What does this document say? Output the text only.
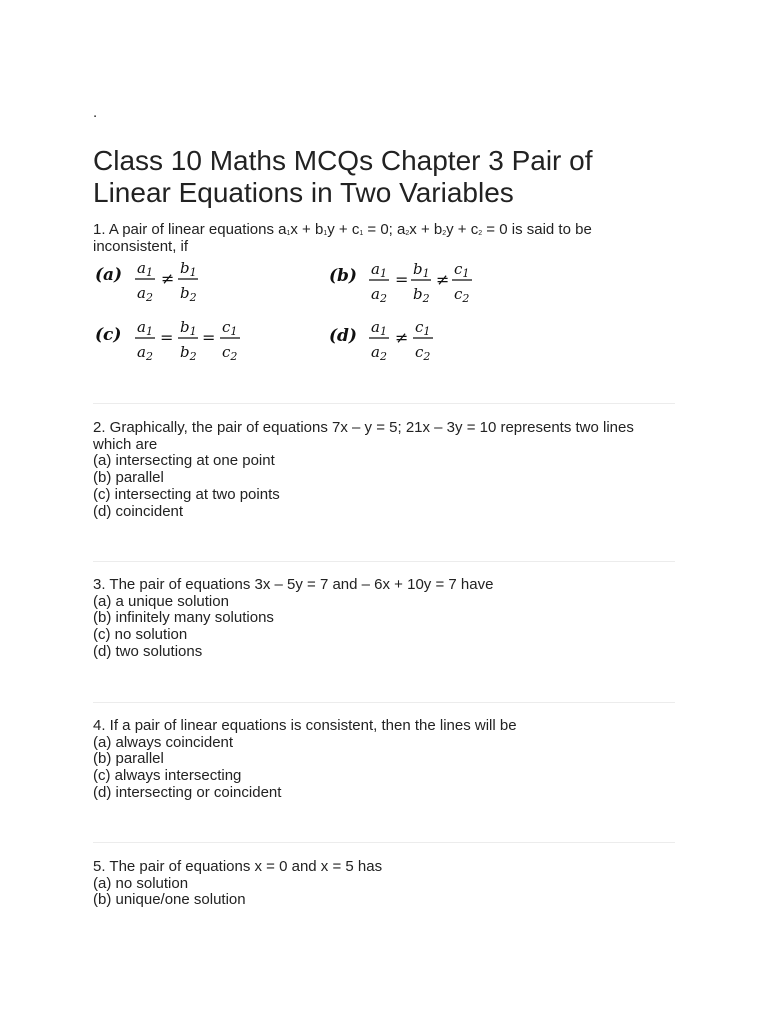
.
Class 10 Maths MCQs Chapter 3 Pair of Linear Equations in Two Variables

1. A pair of linear equations a1x + b1y + c1 = 0; a2x + b2y + c2 = 0 is said to be inconsistent, if

(a) $a_1$
$a_2$
≠
$b_1$
$b_2$
(b) $a_1$
$a_2$
=
$b_1$
$b_2$
≠
$c_1$
$c_2$
(c) $a_1$
$a_2$
=
$b_1$
$b_2$
=
$c_1$
$c_2$
(d) $a_1$
$a_2$
≠
$c_1$
$c_2$

2. Graphically, the pair of equations 7x – y = 5; 21x – 3y = 10 represents two lines which are

(a) intersecting at one point

(b) parallel

(c) intersecting at two points

(d) coincident

3. The pair of equations 3x – 5y = 7 and – 6x + 10y = 7 have

(a) a unique solution

(b) infinitely many solutions

(c) no solution

(d) two solutions

4. If a pair of linear equations is consistent, then the lines will be

(a) always coincident

(b) parallel

(c) always intersecting

(d) intersecting or coincident

5. The pair of equations x = 0 and x = 5 has

(a) no solution

(b) unique/one solution
